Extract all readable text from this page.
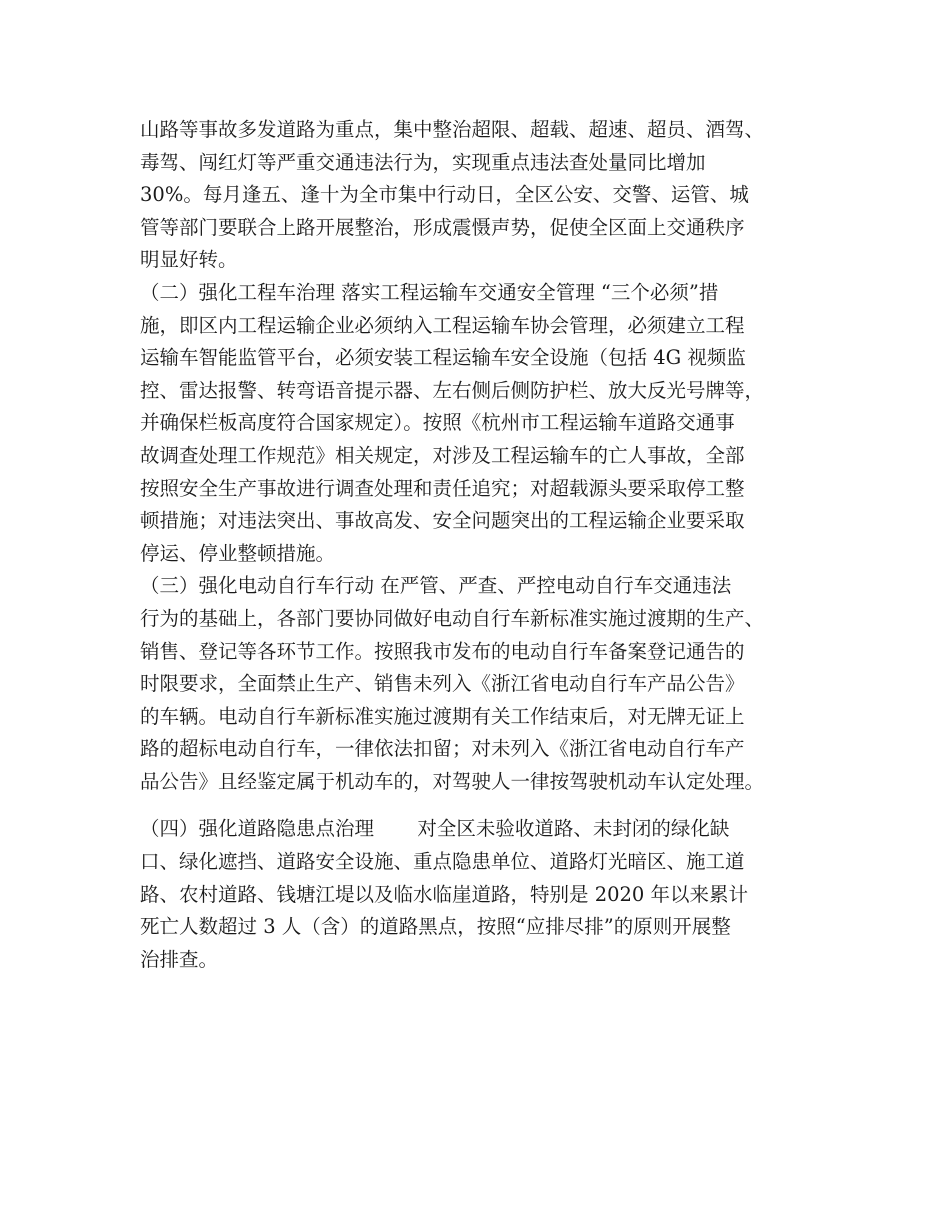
山路等事故多发道路为重点，集中整治超限、超载、超速、超员、酒驾、
毒驾、闯红灯等严重交通违法行为，实现重点违法查处量同比增加
30%。每月逢五、逢十为全市集中行动日，全区公安、交警、运管、城
管等部门要联合上路开展整治，形成震慑声势，促使全区面上交通秩序
明显好转。
（二）强化工程车治理 落实工程运输车交通安全管理 “三个必须”措
施，即区内工程运输企业必须纳入工程运输车协会管理，必须建立工程
运输车智能监管平台，必须安装工程运输车安全设施（包括 4G 视频监
控、雷达报警、转弯语音提示器、左右侧后侧防护栏、放大反光号牌等，
并确保栏板高度符合国家规定）。按照《杭州市工程运输车道路交通事
故调查处理工作规范》相关规定，对涉及工程运输车的亡人事故，全部
按照安全生产事故进行调查处理和责任追究；对超载源头要采取停工整
顿措施；对违法突出、事故高发、安全问题突出的工程运输企业要采取
停运、停业整顿措施。
（三）强化电动自行车行动 在严管、严查、严控电动自行车交通违法
行为的基础上，各部门要协同做好电动自行车新标准实施过渡期的生产、
销售、登记等各环节工作。按照我市发布的电动自行车备案登记通告的
时限要求，全面禁止生产、销售未列入《浙江省电动自行车产品公告》
的车辆。电动自行车新标准实施过渡期有关工作结束后，对无牌无证上
路的超标电动自行车，一律依法扣留；对未列入《浙江省电动自行车产
品公告》且经鉴定属于机动车的，对驾驶人一律按驾驶机动车认定处理。
（四）强化道路隐患点治理       对全区未验收道路、未封闭的绿化缺
口、绿化遮挡、道路安全设施、重点隐患单位、道路灯光暗区、施工道
路、农村道路、钱塘江堤以及临水临崖道路，特别是 2020 年以来累计
死亡人数超过 3 人（含）的道路黑点，按照“应排尽排”的原则开展整
治排查。
